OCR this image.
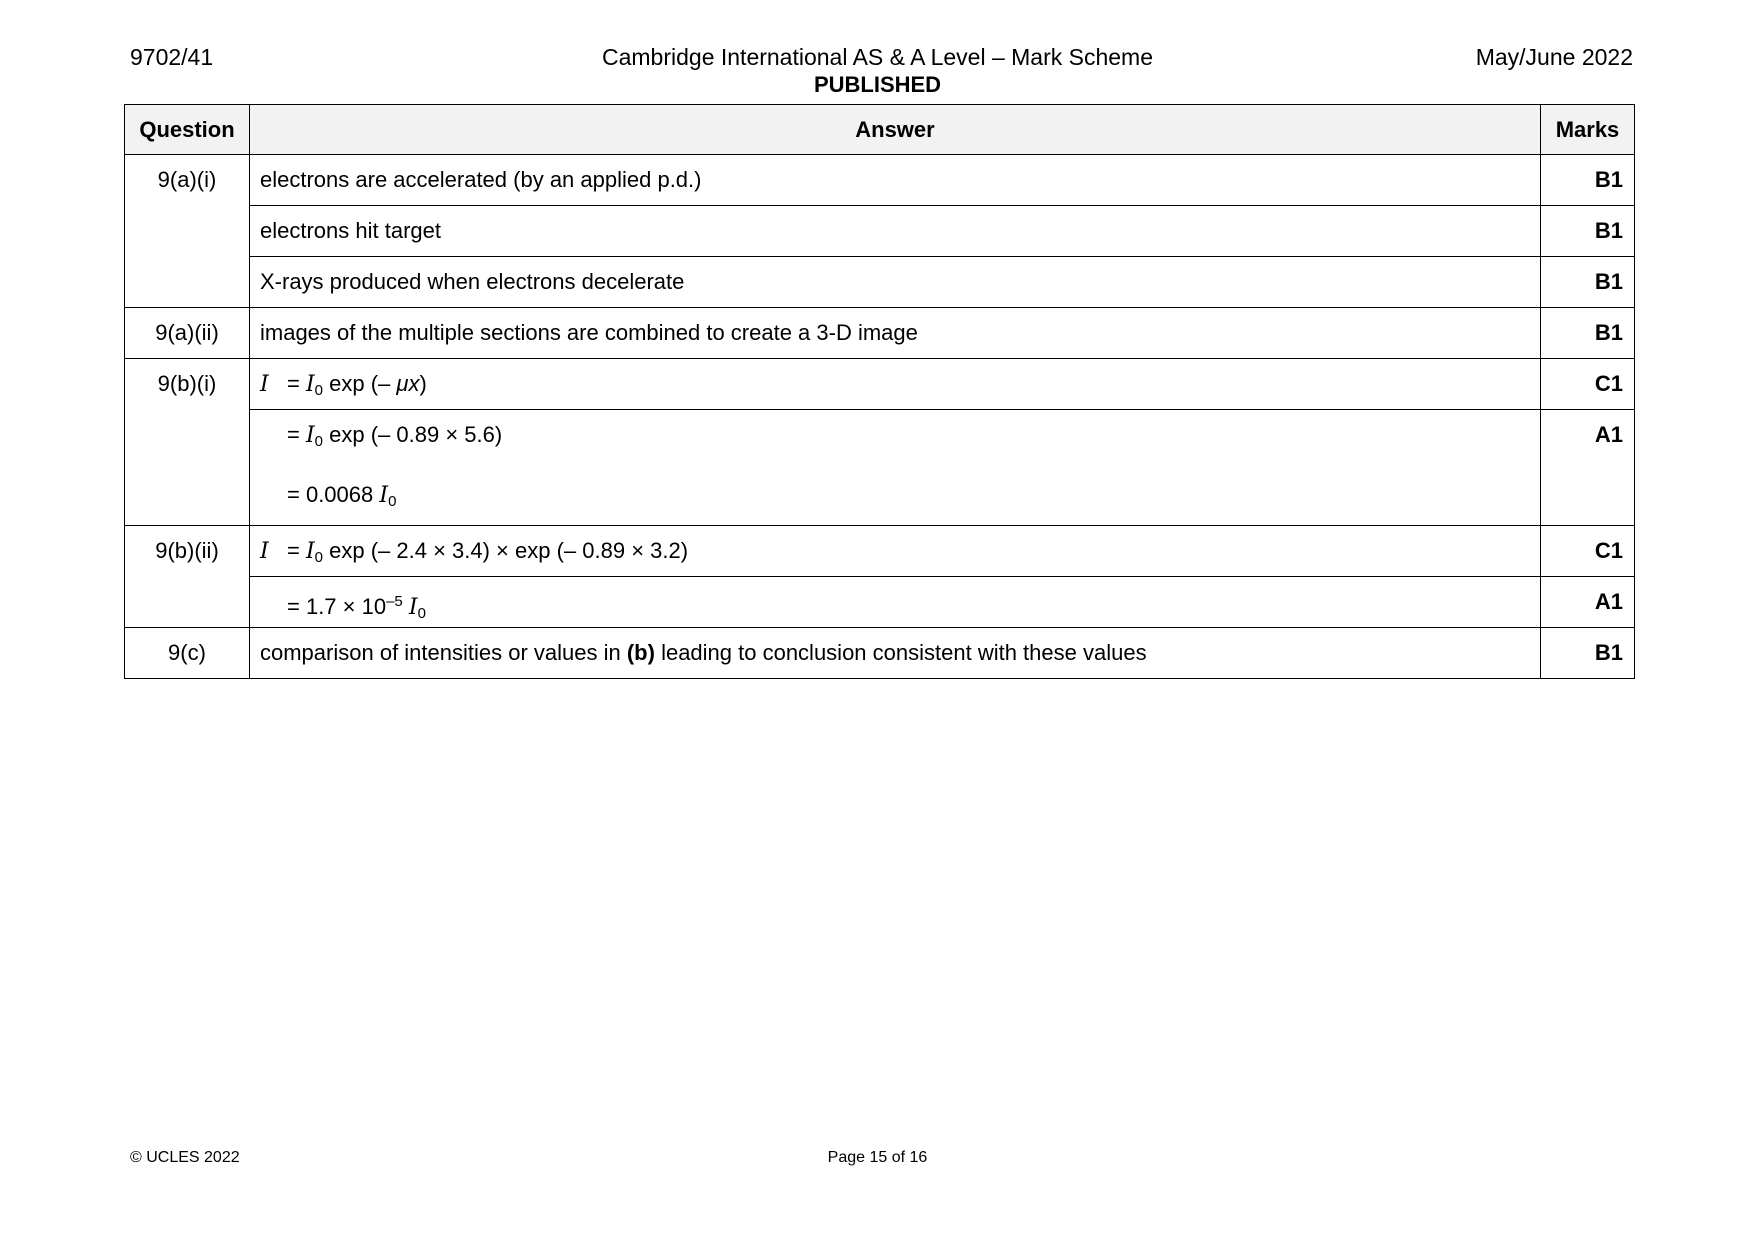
9702/41	Cambridge International AS & A Level – Mark Scheme
PUBLISHED
May/June 2022
Question	Answer	Marks
9(a)(i)	electrons are accelerated (by an applied p.d.)	B1

	electrons hit target	B1

	X-rays produced when electrons decelerate	B1
9(a)(ii)	images of the multiple sections are combined to create a 3-D image	B1
9(b)(i)	$I = I_0$ exp (– μx)	C1

	= $I_0$ exp (– 0.89 × 5.6)
= 0.0068 $I_0$	A1
9(b)(ii)	$I = I_0$ exp (– 2.4 × 3.4) × exp (– 0.89 × 3.2)	C1

	= $1.7 \times 10^{-5}$ $I_0$	A1
9(c)	comparison of intensities or values in (b) leading to conclusion consistent with these values	B1
© UCLES 2022	Page 15 of 16
